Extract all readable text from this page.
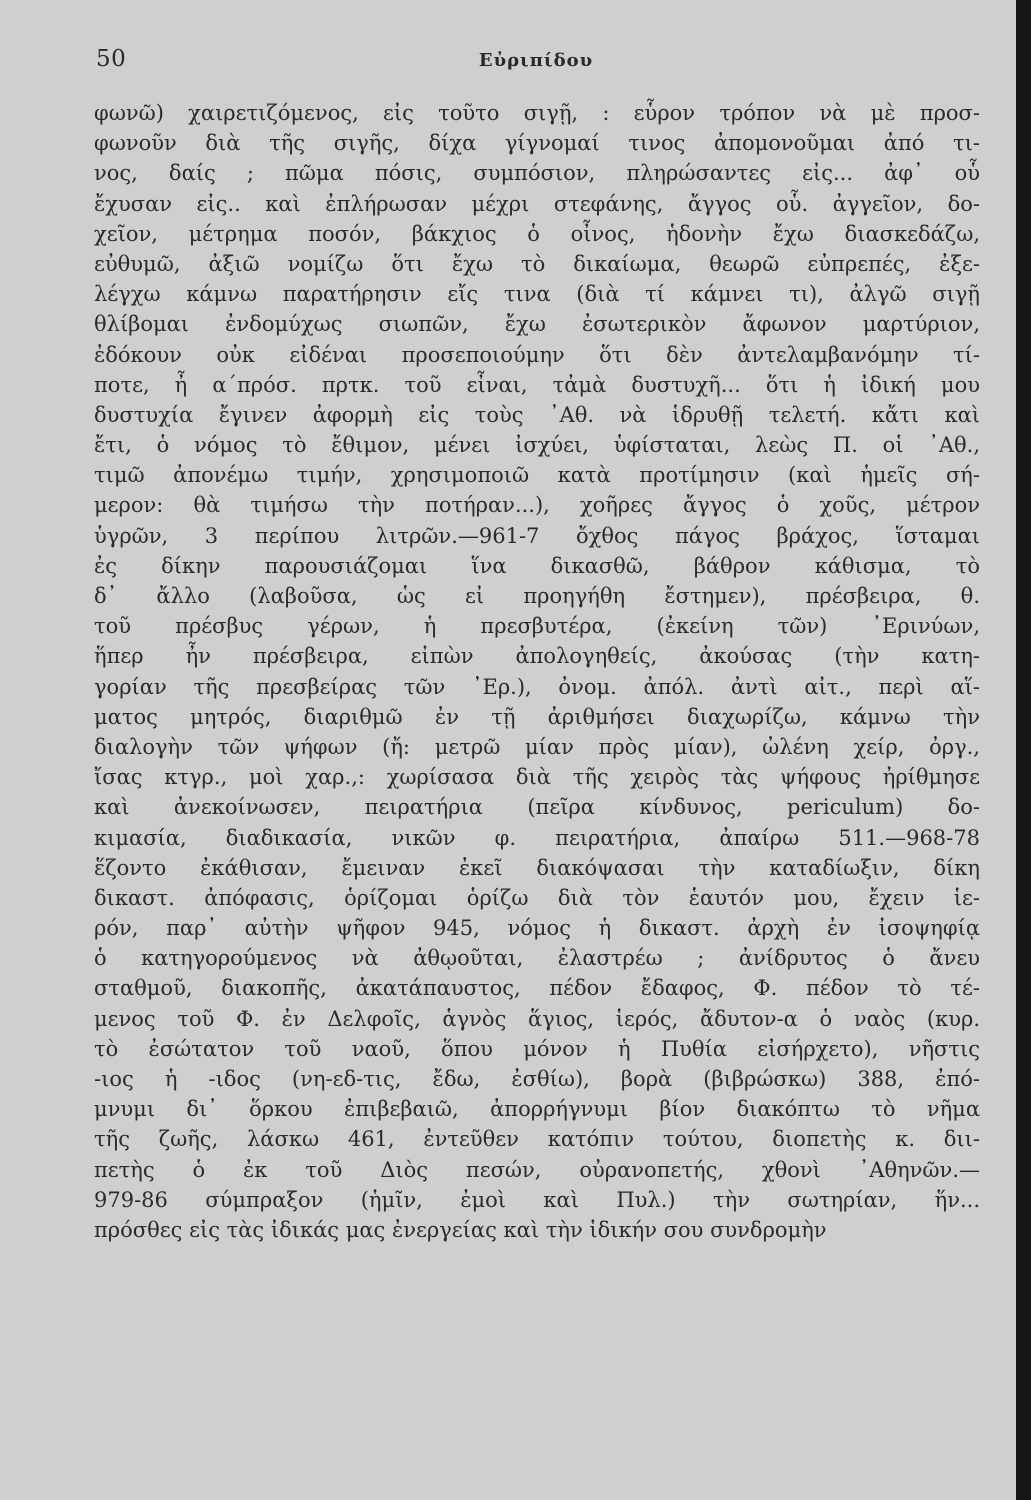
50	Εὐριπίδου
φωνῶ) χαιρετιζόμενος, εἰς τοῦτο σιγῇ, : εὗρον τρόπον νὰ μὲ προσ-
φωνοῦν διὰ τῆς σιγῆς, δίχα γίγνομαί τινος ἀπομονοῦμαι ἀπό τι-
νος, δαίς ; πῶμα πόσις, συμπόσιον, πληρώσαντες εἰς... ἀφ᾽ οὗ
ἔχυσαν εἰς.. καὶ ἐπλήρωσαν μέχρι στεφάνης, ἄγγος οὗ. ἀγγεῖον, δο-
χεῖον, μέτρημα ποσόν, βάκχιος ὁ οἶνος, ἡδονὴν ἔχω διασκεδάζω,
εὐθυμῶ, ἀξιῶ νομίζω ὅτι ἔχω τὸ δικαίωμα, θεωρῶ εὐπρεπές, ἐξε-
λέγχω κάμνω παρατήρησιν εἴς τινα (διὰ τί κάμνει τι), ἀλγῶ σιγῇ
θλίβομαι ἐνδομύχως σιωπῶν, ἔχω ἐσωτερικὸν ἄφωνον μαρτύριον,
ἐδόκουν οὐκ εἰδέναι προσεποιούμην ὅτι δὲν ἀντελαμβανόμην τί-
ποτε, ἦ α΄πρόσ. πρτκ. τοῦ εἶναι, τἀμὰ δυστυχῆ... ὅτι ἡ ἰδική μου
δυστυχία ἔγινεν ἀφορμὴ εἰς τοὺς ᾿Αθ. νὰ ἱδρυθῇ τελετή. κἄτι καὶ
ἔτι, ὁ νόμος τὸ ἔθιμον, μένει ἰσχύει, ὑφίσταται, λεὼς Π. οἱ ᾿Αθ.,
τιμῶ ἀπονέμω τιμήν, χρησιμοποιῶ κατὰ προτίμησιν (καὶ ἡμεῖς σή-
μερον: θὰ τιμήσω τὴν ποτήραν...), χοῆρες ἄγγος ὁ χοῦς, μέτρον
ὑγρῶν, 3 περίπου λιτρῶν.—961-7 ὄχθος πάγος βράχος, ἵσταμαι
ἐς δίκην παρουσιάζομαι ἵνα δικασθῶ, βάθρον κάθισμα, τὸ
δ᾽ ἄλλο (λαβοῦσα, ὡς εἰ προηγήθη ἔστημεν), πρέσβειρα, θ.
τοῦ πρέσβυς γέρων, ἡ πρεσβυτέρα, (ἐκείνη τῶν) ᾿Ερινύων,
ἥπερ ἦν πρέσβειρα, εἰπὼν ἀπολογηθείς, ἀκούσας (τὴν κατη-
γορίαν τῆς πρεσβείρας τῶν ᾿Ερ.), ὀνομ. ἀπόλ. ἀντὶ αἰτ., περὶ αἵ-
ματος μητρός, διαριθμῶ ἐν τῇ ἀριθμήσει διαχωρίζω, κάμνω τὴν
διαλογὴν τῶν ψήφων (ἤ: μετρῶ μίαν πρὸς μίαν), ὠλένη χείρ, ὀργ.,
ἴσας κτγρ., μοὶ χαρ.,: χωρίσασα διὰ τῆς χειρὸς τὰς ψήφους ἠρίθμησε
καὶ ἀνεκοίνωσεν, πειρατήρια (πεῖρα κίνδυνος, periculum) δο-
κιμασία, διαδικασία, νικῶν φ. πειρατήρια, ἀπαίρω 511.—968-78
ἕζοντο ἐκάθισαν, ἔμειναν ἐκεῖ διακόψασαι τὴν καταδίωξιν, δίκη
δικαστ. ἀπόφασις, ὁρίζομαι ὁρίζω διὰ τὸν ἑαυτόν μου, ἔχειν ἱε-
ρόν, παρ᾽ αὐτὴν ψῆφον 945, νόμος ἡ δικαστ. ἀρχὴ ἐν ἰσοψηφίᾳ
ὁ κατηγορούμενος νὰ ἀθῳοῦται, ἐλαστρέω ; ἀνίδρυτος ὁ ἄνευ
σταθμοῦ, διακοπῆς, ἀκατάπαυστος, πέδον ἔδαφος, Φ. πέδον τὸ τέ-
μενος τοῦ Φ. ἐν Δελφοῖς, ἁγνὸς ἅγιος, ἱερός, ἄδυτον-α ὁ ναὸς (κυρ.
τὸ ἐσώτατον τοῦ ναοῦ, ὅπου μόνον ἡ Πυθία εἰσήρχετο), νῆστις
-ιος ἡ -ιδος (νη-εδ-τις, ἔδω, ἐσθίω), βορὰ (βιβρώσκω) 388, ἐπό-
μνυμι δι᾽ ὅρκου ἐπιβεβαιῶ, ἀπορρήγνυμι βίον διακόπτω τὸ νῆμα
τῆς ζωῆς, λάσκω 461, ἐντεῦθεν κατόπιν τούτου, διοπετὴς κ. διι-
πετὴς ὁ ἐκ τοῦ Διὸς πεσών, οὐρανοπετής, χθονὶ ᾿Αθηνῶν.—
979-86 σύμπραξον (ἡμῖν, ἐμοὶ καὶ Πυλ.) τὴν σωτηρίαν, ἥν...
πρόσθες εἰς τὰς ἰδικάς μας ἐνεργείας καὶ τὴν ἰδικήν σου συνδρομὴν
